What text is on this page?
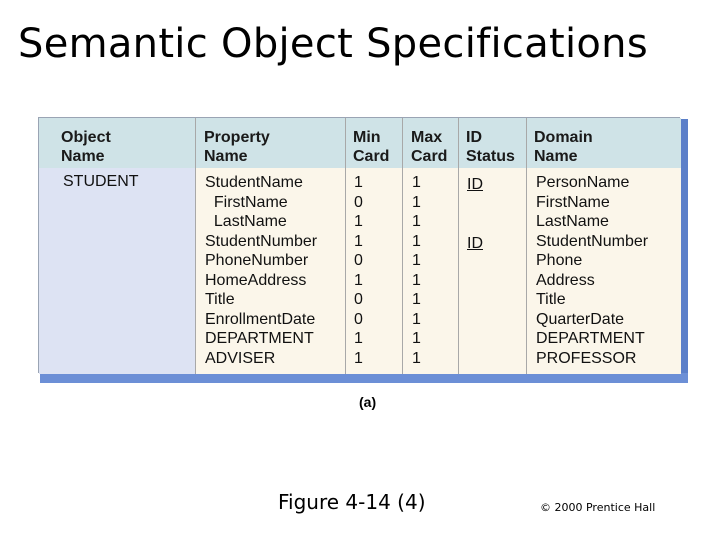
Semantic Object Specifications
Object
Name
Property
Name
Min
Card
Max
Card
ID
Status
Domain
Name
STUDENT	StudentName
FirstName
LastName
StudentNumber
PhoneNumber
HomeAddress
Title
EnrollmentDate
DEPARTMENT
ADVISER
1
0
1
1
0
1
0
0
1
1
1
1
1
1
1
1
1
1
1
1
ID
ID
PersonName
FirstName
LastName
StudentNumber
Phone
Address
Title
QuarterDate
DEPARTMENT
PROFESSOR
(a)
Figure 4-14 (4)	© 2000 Prentice Hall
